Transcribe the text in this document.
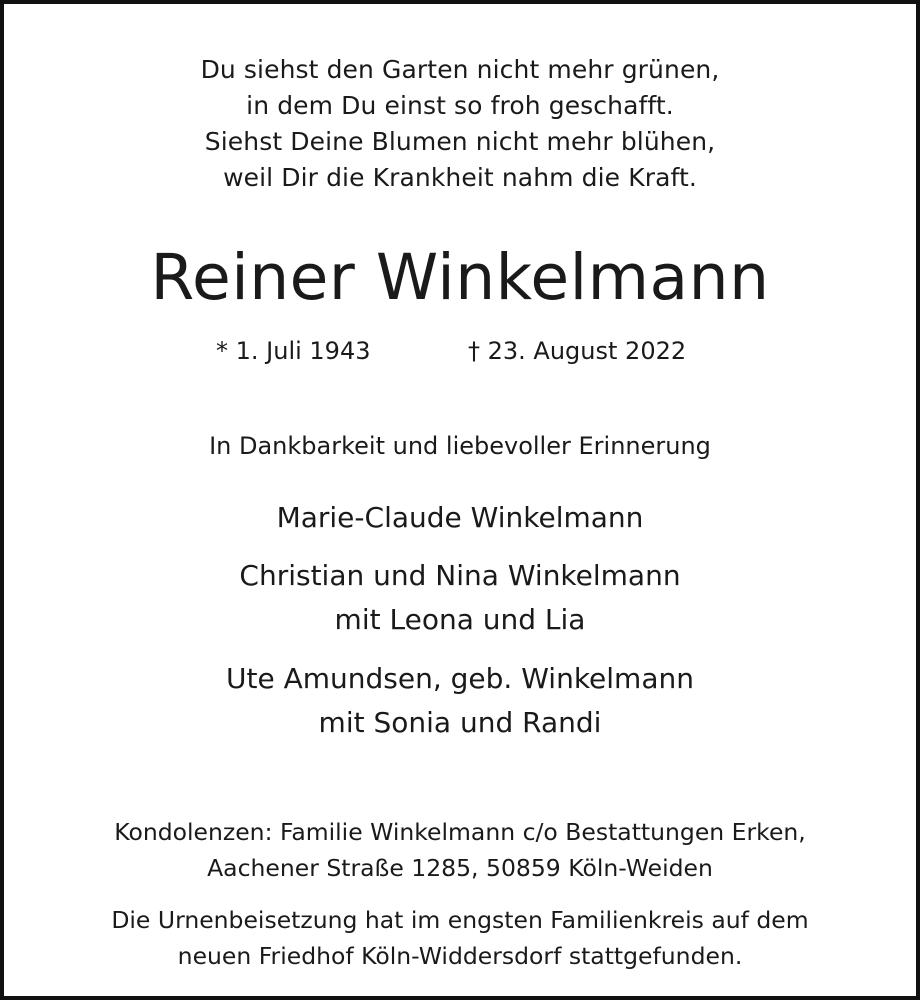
Du siehst den Garten nicht mehr grünen,
in dem Du einst so froh geschafft.
Siehst Deine Blumen nicht mehr blühen,
weil Dir die Krankheit nahm die Kraft.
Reiner Winkelmann
* 1. Juli 1943	† 23. August 2022
In Dankbarkeit und liebevoller Erinnerung
Marie-Claude Winkelmann
Christian und Nina Winkelmann
mit Leona und Lia
Ute Amundsen, geb. Winkelmann
mit Sonia und Randi
Kondolenzen: Familie Winkelmann c/o Bestattungen Erken,
Aachener Straße 1285, 50859 Köln-Weiden
Die Urnenbeisetzung hat im engsten Familienkreis auf dem
neuen Friedhof Köln-Widdersdorf stattgefunden.
